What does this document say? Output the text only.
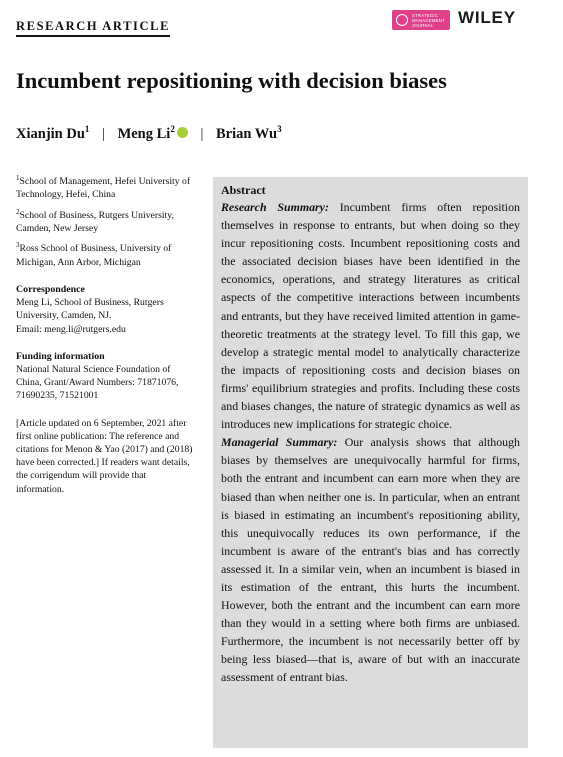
RESEARCH ARTICLE
STRATEGIC
MANAGEMENT
JOURNAL	WILEY
Incumbent repositioning with decision biases
Xianjin Du$^1$ | Meng Li$^2$ | Brian Wu$^3$

$^1$School of Management, Hefei University of Technology, Hefei, China

$^2$School of Business, Rutgers University, Camden, New Jersey

$^3$Ross School of Business, University of Michigan, Ann Arbor, Michigan

Correspondence
Meng Li, School of Business, Rutgers University, Camden, NJ.
Email: meng.li@rutgers.edu
Funding information
National Natural Science Foundation of China, Grant/Award Numbers: 71871076, 71690235, 71521001
[Article updated on 6 September, 2021 after first online publication: The reference and citations for Menon & Yao (2017) and (2018) have been corrected.] If readers want details, the corrigendum will provide that information.
Abstract

Research Summary: Incumbent firms often reposition themselves in response to entrants, but when doing so they incur repositioning costs. Incumbent repositioning costs and the associated decision biases have been identified in the economics, operations, and strategy literatures as critical aspects of the competitive interactions between incumbents and entrants, but they have received limited attention in game-theoretic treatments at the strategy level. To fill this gap, we develop a strategic mental model to analytically characterize the impacts of repositioning costs and decision biases on firms' equilibrium strategies and profits. Including these costs and biases changes, the nature of strategic dynamics as well as introduces new implications for strategic choice.

Managerial Summary: Our analysis shows that although biases by themselves are unequivocally harmful for firms, both the entrant and incumbent can earn more when they are biased than when neither one is. In particular, when an entrant is biased in estimating an incumbent's repositioning ability, this unequivocally reduces its own performance, if the incumbent is aware of the entrant's bias and has correctly assessed it. In a similar vein, when an incumbent is biased in its estimation of the entrant, this hurts the incumbent. However, both the entrant and the incumbent can earn more than they would in a setting where both firms are unbiased. Furthermore, the incumbent is not necessarily better off by being less biased—that is, aware of but with an inaccurate assessment of entrant bias.
